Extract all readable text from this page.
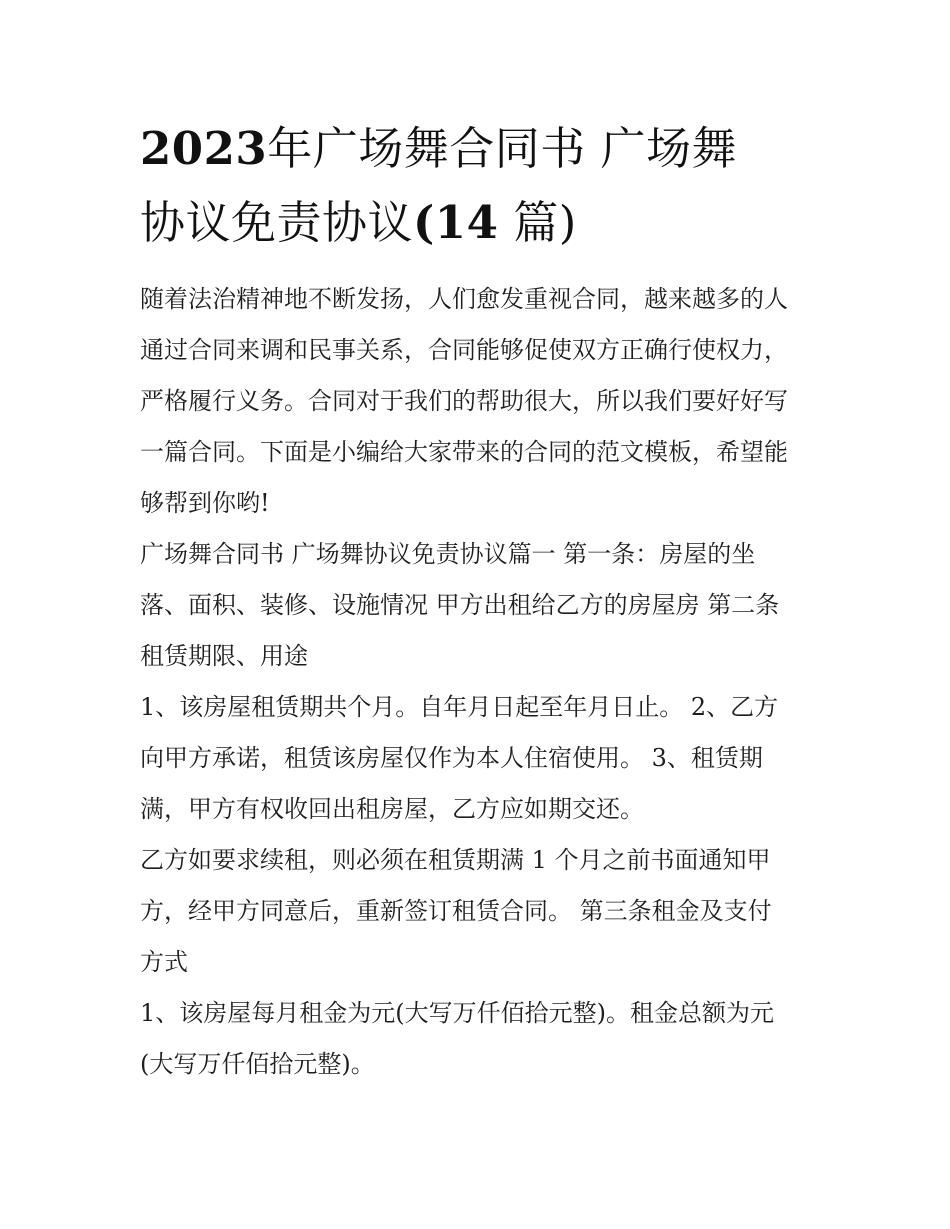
2023年广场舞合同书 广场舞
协议免责协议(14 篇)

随着法治精神地不断发扬，人们愈发重视合同，越来越多的人
通过合同来调和民事关系，合同能够促使双方正确行使权力，
严格履行义务。合同对于我们的帮助很大，所以我们要好好写
一篇合同。下面是小编给大家带来的合同的范文模板，希望能
够帮到你哟!

广场舞合同书 广场舞协议免责协议篇一 第一条：房屋的坐
落、面积、装修、设施情况 甲方出租给乙方的房屋房 第二条
租赁期限、用途

1、该房屋租赁期共个月。自年月日起至年月日止。 2、乙方
向甲方承诺，租赁该房屋仅作为本人住宿使用。 3、租赁期
满，甲方有权收回出租房屋，乙方应如期交还。

乙方如要求续租，则必须在租赁期满 1 个月之前书面通知甲
方，经甲方同意后，重新签订租赁合同。 第三条租金及支付
方式

1、该房屋每月租金为元(大写万仟佰拾元整)。租金总额为元
(大写万仟佰拾元整)。
